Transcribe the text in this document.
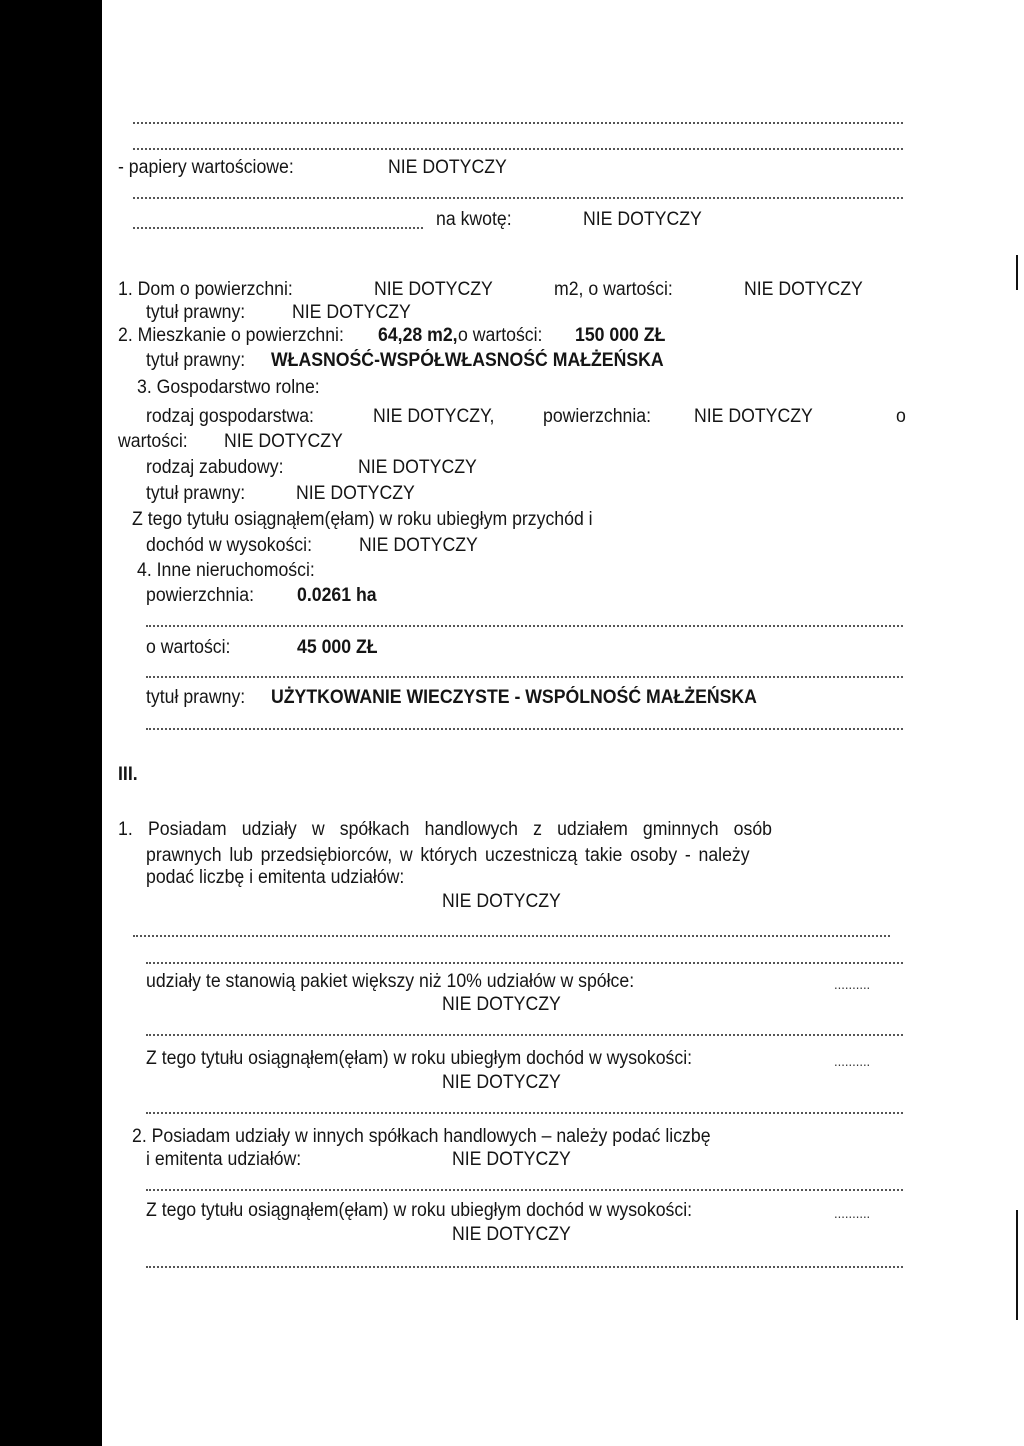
- papiery wartościowe:	NIE DOTYCZY
na kwotę:	NIE DOTYCZY
1. Dom o powierzchni:	NIE DOTYCZY	m2, o wartości:	NIE DOTYCZY
tytuł prawny: NIE DOTYCZY
2. Mieszkanie o powierzchni: 64,28 m2, o wartości: 150 000 ZŁ
tytuł prawny: WŁASNOŚĆ-WSPÓŁWŁASNOŚĆ MAŁŻEŃSKA
3. Gospodarstwo rolne:
rodzaj gospodarstwa:	NIE DOTYCZY,	powierzchnia: NIE DOTYCZY	o
wartości: NIE DOTYCZY
rodzaj zabudowy:	NIE DOTYCZY
tytuł prawny:	NIE DOTYCZY
Z tego tytułu osiągnąłem(ęłam) w roku ubiegłym przychód i
dochód w wysokości: NIE DOTYCZY
4. Inne nieruchomości:
powierzchnia: 0.0261 ha
o wartości:	45 000 ZŁ
tytuł prawny: UŻYTKOWANIE WIECZYSTE - WSPÓLNOŚĆ MAŁŻEŃSKA
III.
1. Posiadam udziały w spółkach handlowych z udziałem gminnych osób
prawnych lub przedsiębiorców, w których uczestniczą takie osoby - należy
podać liczbę i emitenta udziałów:
NIE DOTYCZY
udziały te stanowią pakiet większy niż 10% udziałów w spółce:	..........
NIE DOTYCZY
Z tego tytułu osiągnąłem(ęłam) w roku ubiegłym dochód w wysokości:	..........
NIE DOTYCZY
2. Posiadam udziały w innych spółkach handlowych – należy podać liczbę
i emitenta udziałów:	NIE DOTYCZY
Z tego tytułu osiągnąłem(ęłam) w roku ubiegłym dochód w wysokości:	..........
NIE DOTYCZY
